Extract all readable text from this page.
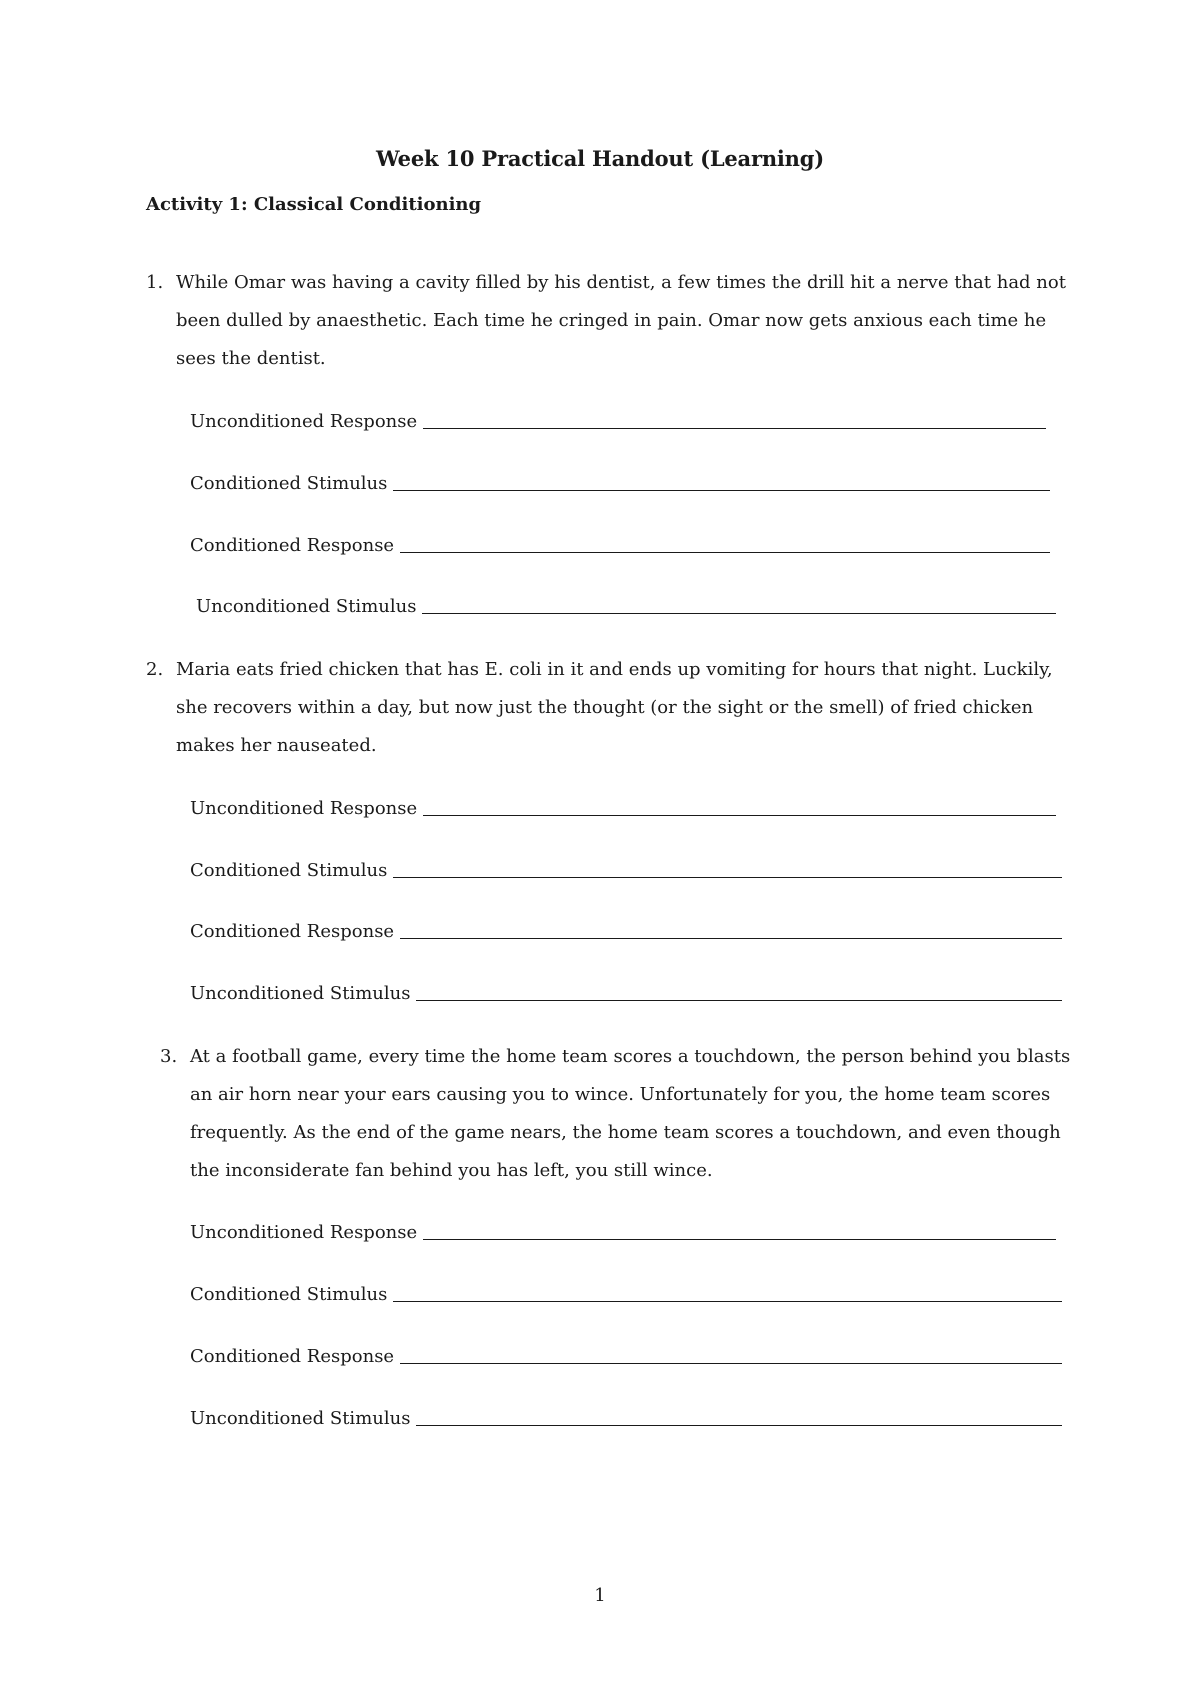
Week 10 Practical Handout (Learning)
Activity 1: Classical Conditioning
1. While Omar was having a cavity filled by his dentist, a few times the drill hit a nerve that had not
been dulled by anaesthetic. Each time he cringed in pain. Omar now gets anxious each time he
sees the dentist.
Unconditioned Response
Conditioned Stimulus
Conditioned Response
Unconditioned Stimulus
2. Maria eats fried chicken that has E. coli in it and ends up vomiting for hours that night. Luckily,
she recovers within a day, but now just the thought (or the sight or the smell) of fried chicken
makes her nauseated.
Unconditioned Response
Conditioned Stimulus
Conditioned Response
Unconditioned Stimulus
3. At a football game, every time the home team scores a touchdown, the person behind you blasts
an air horn near your ears causing you to wince. Unfortunately for you, the home team scores
frequently. As the end of the game nears, the home team scores a touchdown, and even though
the inconsiderate fan behind you has left, you still wince.
Unconditioned Response
Conditioned Stimulus
Conditioned Response
Unconditioned Stimulus
1
